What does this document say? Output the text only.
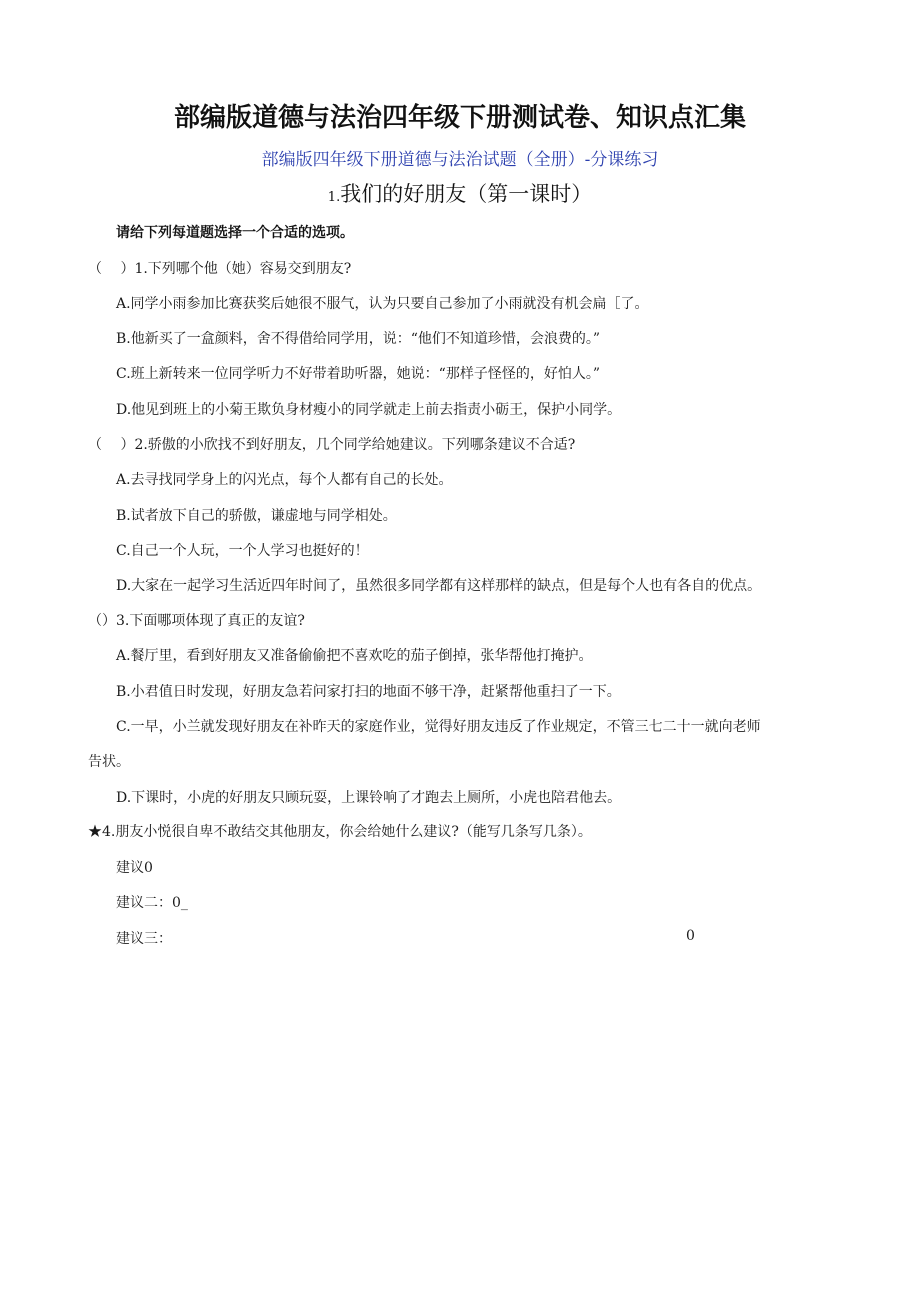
部编版道德与法治四年级下册测试卷、知识点汇集
部编版四年级下册道德与法治试题（全册）-分课练习
1.我们的好朋友（第一课时）
请给下列每道题选择一个合适的选项。
（　 ）1.下列哪个他（她）容易交到朋友?
A.同学小雨参加比赛获奖后她很不服气，认为只要自己参加了小雨就没有机会扁［了。
B.他新买了一盒颜料，舍不得借给同学用，说：“他们不知道珍惜，会浪费的。”
C.班上新转来一位同学听力不好带着助听器，她说：“那样子怪怪的，好怕人。”
D.他见到班上的小菊王欺负身材瘦小的同学就走上前去指责小砺王，保护小同学。
（　 ）2.骄傲的小欣找不到好朋友，几个同学给她建议。下列哪条建议不合适?
A.去寻找同学身上的闪光点，每个人都有自己的长处。
B.试者放下自己的骄傲，谦虚地与同学相处。
C.自己一个人玩，一个人学习也挺好的！
D.大家在一起学习生活近四年时间了，虽然很多同学都有这样那样的缺点，但是每个人也有各自的优点。
（）3.下面哪项体现了真正的友谊?
A.餐厅里，看到好朋友又准备偷偷把不喜欢吃的茄子倒掉，张华帮他打掩护。
B.小君值日时发现，好朋友急若问家打扫的地面不够干净，赶紧帮他重扫了一下。
C.一早，小兰就发现好朋友在补昨天的家庭作业，觉得好朋友违反了作业规定，不管三七二十一就向老师
告状。
D.下课时，小虎的好朋友只顾玩耍，上课铃响了才跑去上厕所，小虎也陪君他去。
★4.朋友小悦很自卑不敢结交其他朋友，你会给她什么建议?（能写几条写几条）。
建议0
建议二：0_
建议三：	0
